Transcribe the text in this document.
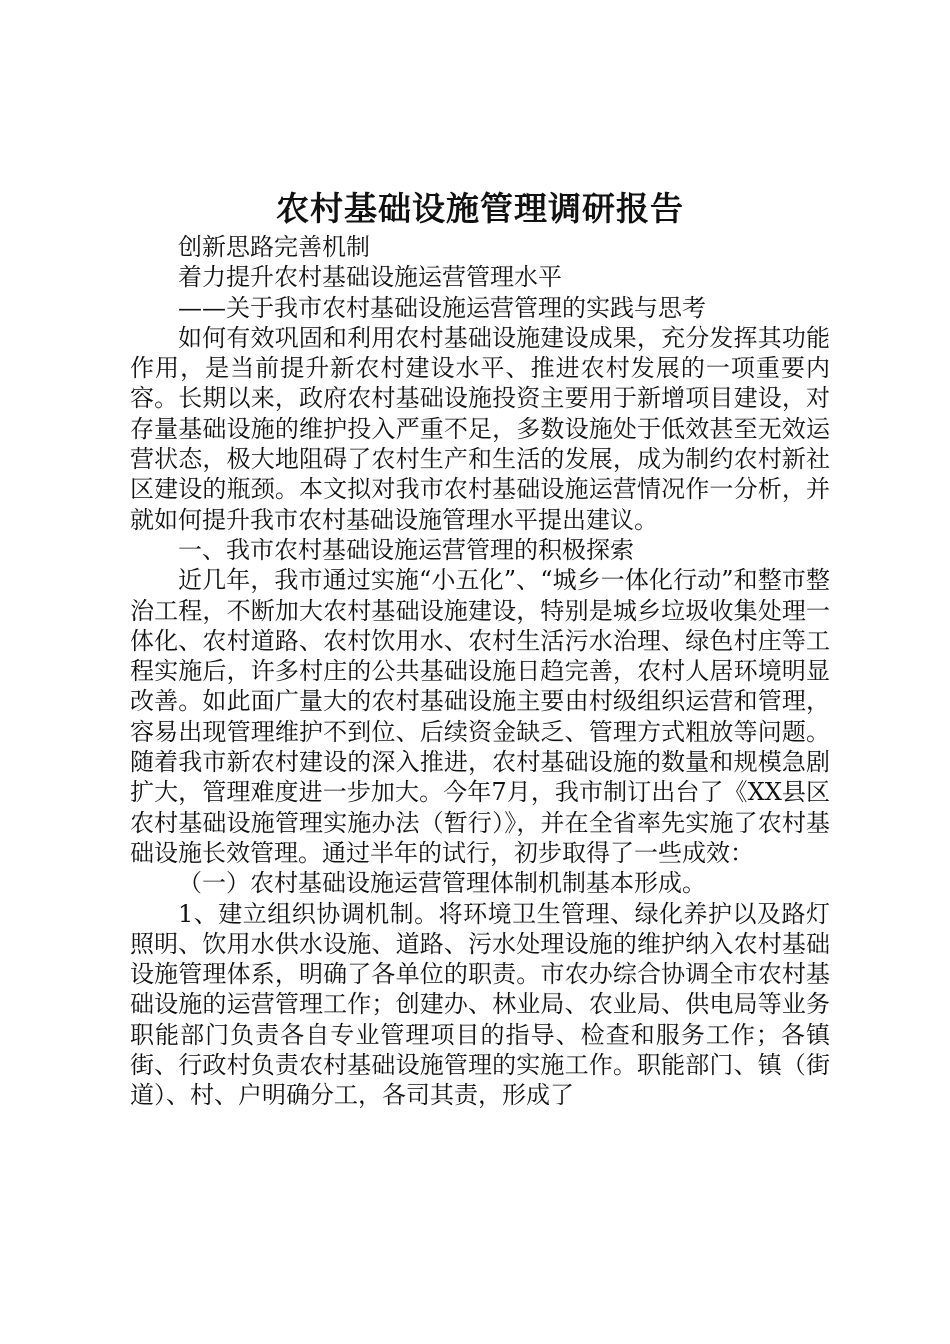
农村基础设施管理调研报告

创新思路完善机制

着力提升农村基础设施运营管理水平

——关于我市农村基础设施运营管理的实践与思考

如何有效巩固和利用农村基础设施建设成果，充分发挥其功能作用，是当前提升新农村建设水平、推进农村发展的一项重要内容。长期以来，政府农村基础设施投资主要用于新增项目建设，对存量基础设施的维护投入严重不足，多数设施处于低效甚至无效运营状态，极大地阻碍了农村生产和生活的发展，成为制约农村新社区建设的瓶颈。本文拟对我市农村基础设施运营情况作一分析，并就如何提升我市农村基础设施管理水平提出建议。

一、我市农村基础设施运营管理的积极探索

近几年，我市通过实施“小五化”、“城乡一体化行动”和整市整治工程，不断加大农村基础设施建设，特别是城乡垃圾收集处理一体化、农村道路、农村饮用水、农村生活污水治理、绿色村庄等工程实施后，许多村庄的公共基础设施日趋完善，农村人居环境明显改善。如此面广量大的农村基础设施主要由村级组织运营和管理，容易出现管理维护不到位、后续资金缺乏、管理方式粗放等问题。随着我市新农村建设的深入推进，农村基础设施的数量和规模急剧扩大，管理难度进一步加大。今年7月，我市制订出台了《XX县区农村基础设施管理实施办法（暂行）》，并在全省率先实施了农村基础设施长效管理。通过半年的试行，初步取得了一些成效：

（一）农村基础设施运营管理体制机制基本形成。

1、建立组织协调机制。将环境卫生管理、绿化养护以及路灯照明、饮用水供水设施、道路、污水处理设施的维护纳入农村基础设施管理体系，明确了各单位的职责。市农办综合协调全市农村基础设施的运营管理工作；创建办、林业局、农业局、供电局等业务职能部门负责各自专业管理项目的指导、检查和服务工作；各镇街、行政村负责农村基础设施管理的实施工作。职能部门、镇（街道）、村、户明确分工，各司其责，形成了
